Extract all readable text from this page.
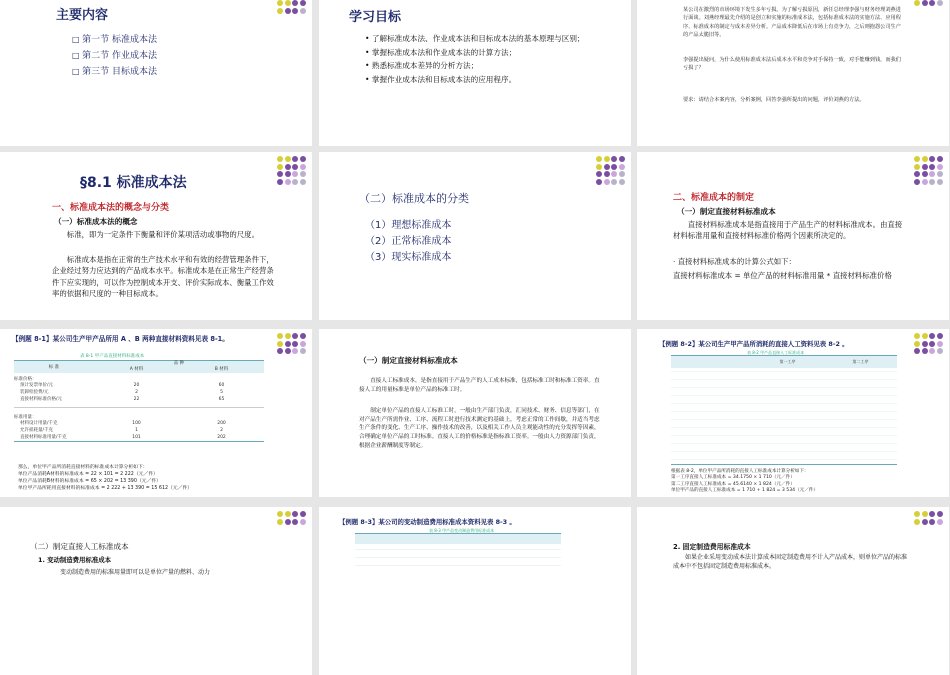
主要内容
□ 第一节 标准成本法
□ 第二节 作业成本法
□ 第三节 目标成本法
学习目标
• 了解标准成本法、作业成本法和目标成本法的基本原理与区别；
• 掌握标准成本法和作业成本法的计算方法；
• 熟悉标准成本差异的分析方法；
• 掌握作业成本法和目标成本法的应用程序。
某公司在激烈的市场环境下发生多年亏损。为了解亏损原因，新任总经理李强与财务经理刘燕进行面谈。刘燕经理最先介绍的是创立和实施的标准成本法，包括标准成本法的实施方法、应用程序、标准成本的制定与成本差异分析。产品成本降低后在市场上有竞争力，之后则抱怨公司生产的产品太脆旧等。
李强提出疑问，为什么使用标准成本法后成本水平和竞争对手保持一致，对手能赚到钱，而我们亏损了？
要求：请结合本案内容，分析案例，回答李强所提出的问题，评价刘燕的方法。
§8.1 标准成本法
一、标准成本法的概念与分类
（一）标准成本法的概念
标准，即为一定条件下衡量和评价某项活动或事物的尺度。
标准成本是指在正常的生产技术水平和有效的经营管理条件下，企业经过努力应达到的产品成本水平。标准成本是在正常生产经营条件下应实现的，可以作为控制成本开支、评价实际成本、衡量工作效率的依据和尺度的一种目标成本。
（二）标准成本的分类
（1）理想标准成本
（2）正常标准成本
（3）现实标准成本
二、标准成本的制定
（一）制定直接材料标准成本
直接材料标准成本是指直接用于产品生产的材料标准成本。由直接材料标准用量和直接材料标准价格两个因素所决定的。
· 直接材料标准成本的计算公式如下：
直接材料标准成本 = 单位产品的材料标准用量 * 直接材料标准价格
【例题 8-1】某公司生产甲产品所用 A 、B 两种直接材料资料见表 8-1。
表 8-1 甲产品直接材料标准成本
标 准
品 种
A 材料	B 材料
标准价格：
预计发票单价/元	20	60
装卸检验费/元	2	5
直接材料标准价格/元	22	65
标准用量：
材料设计用量/千克	100	200
允许损耗量/千克	1	2
直接材料标准用量/千克	101	202
那么，单位甲产品所消耗直接材料的标准成本计算分析如下：
单位产品消耗A材料的标准成本 = 22 × 101 = 2 222（元／件）
单位产品消耗B材料的标准成本 = 65 × 202 = 13 390（元／件）
单位甲产品所耗用直接材料的标准成本 = 2 222 + 13 390 = 15 612（元／件）
（一）制定直接材料标准成本
直接人工标准成本，是指直接用于产品生产的人工成本标准，包括标准工时和标准工资率。直接人工的用量标准是单位产品的标准工时。
制定单位产品的直接人工标准工时，一般由生产部门负责，汇同技术、财务、信息等部门，在对产品生产所需作业、工序、流程工时进行技术测定的基础上，考虑正常的工作间歇，并适当考虑生产条件的变化、生产工序、操作技术的改善，以及相关工作人员主观能动性的充分发挥等因素，合理确定单位产品的工时标准。直接人工的价格标准是指标准工资率。一般由人力资源部门负责，根据企业薪酬制度等制定。
【例题 8-2】某公司生产甲产品所消耗的直接人工资料见表 8-2 。
表 8-2 甲产品直接人工标准成本
第一工序	第二工序
根据表 8-2，单位甲产品所消耗的直接人工标准成本计算分析如下：
第一工序直接人工标准成本 = 34.1750 × 1 710（元／件）
第二工序直接人工标准成本 = 45.6140 × 1 824（元／件）
单位甲产品的直接人工标准成本 = 1 710 + 1 824 = 3 534（元／件）
（二）制定直接人工标准成本
1. 变动制造费用标准成本
变动制造费用的标准用量即可以是单位产量的燃料、动力
【例题 8-3】某公司的变动制造费用标准成本资料见表 8-3 。
表 8-3 甲产品变动制造费用标准成本
2. 固定制造费用标准成本
如果企业采用变动成本法计算成本固定制造费用不计入产品成本，则单位产品的标准成本中不包括固定制造费用标准成本。
